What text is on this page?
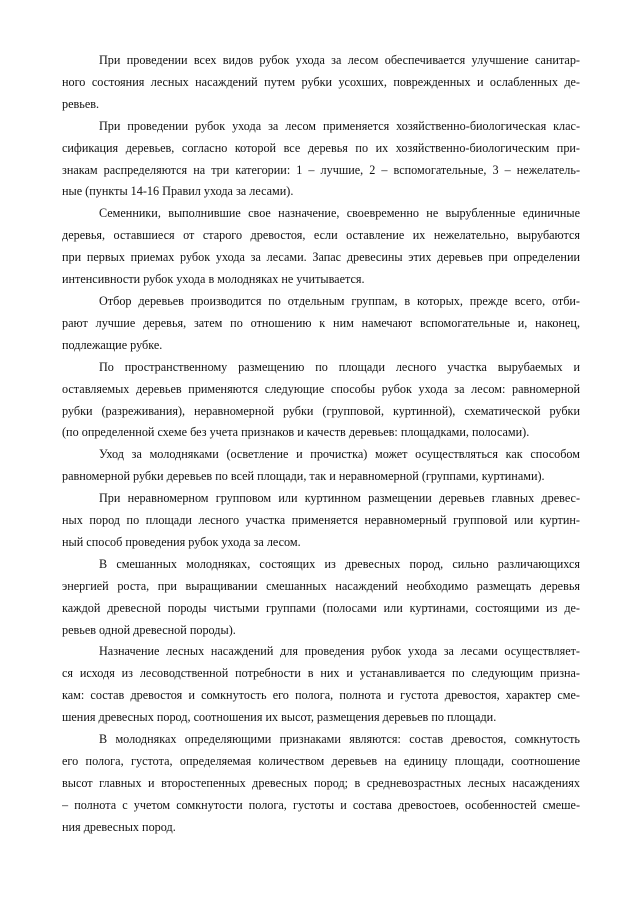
При проведении всех видов рубок ухода за лесом обеспечивается улучшение санитар-
ного состояния лесных насаждений путем рубки усохших, поврежденных и ослабленных де-
ревьев.

При проведении рубок ухода за лесом применяется хозяйственно-биологическая клас-
сификация деревьев, согласно которой все деревья по их хозяйственно-биологическим при-
знакам распределяются на три категории: 1 – лучшие, 2 – вспомогательные, 3 – нежелатель-
ные (пункты 14-16 Правил ухода за лесами).

Семенники, выполнившие свое назначение, своевременно не вырубленные единичные
деревья, оставшиеся от старого древостоя, если оставление их нежелательно, вырубаются
при первых приемах рубок ухода за лесами. Запас древесины этих деревьев при определении
интенсивности рубок ухода в молодняках не учитывается.

Отбор деревьев производится по отдельным группам, в которых, прежде всего, отби-
рают лучшие деревья, затем по отношению к ним намечают вспомогательные и, наконец,
подлежащие рубке.

По пространственному размещению по площади лесного участка вырубаемых и
оставляемых деревьев применяются следующие способы рубок ухода за лесом: равномерной
рубки (разреживания), неравномерной рубки (групповой, куртинной), схематической рубки
(по определенной схеме без учета признаков и качеств деревьев: площадками, полосами).

Уход за молодняками (осветление и прочистка) может осуществляться как способом
равномерной рубки деревьев по всей площади, так и неравномерной (группами, куртинами).

При неравномерном групповом или куртинном размещении деревьев главных древес-
ных пород по площади лесного участка применяется неравномерный групповой или куртин-
ный способ проведения рубок ухода за лесом.

В смешанных молодняках, состоящих из древесных пород, сильно различающихся
энергией роста, при выращивании смешанных насаждений необходимо размещать деревья
каждой древесной породы чистыми группами (полосами или куртинами, состоящими из де-
ревьев одной древесной породы).

Назначение лесных насаждений для проведения рубок ухода за лесами осуществляет-
ся исходя из лесоводственной потребности в них и устанавливается по следующим призна-
кам: состав древостоя и сомкнутость его полога, полнота и густота древостоя, характер сме-
шения древесных пород, соотношения их высот, размещения деревьев по площади.

В молодняках определяющими признаками являются: состав древостоя, сомкнутость
его полога, густота, определяемая количеством деревьев на единицу площади, соотношение
высот главных и второстепенных древесных пород; в средневозрастных лесных насаждениях
– полнота с учетом сомкнутости полога, густоты и состава древостоев, особенностей смеше-
ния древесных пород.
